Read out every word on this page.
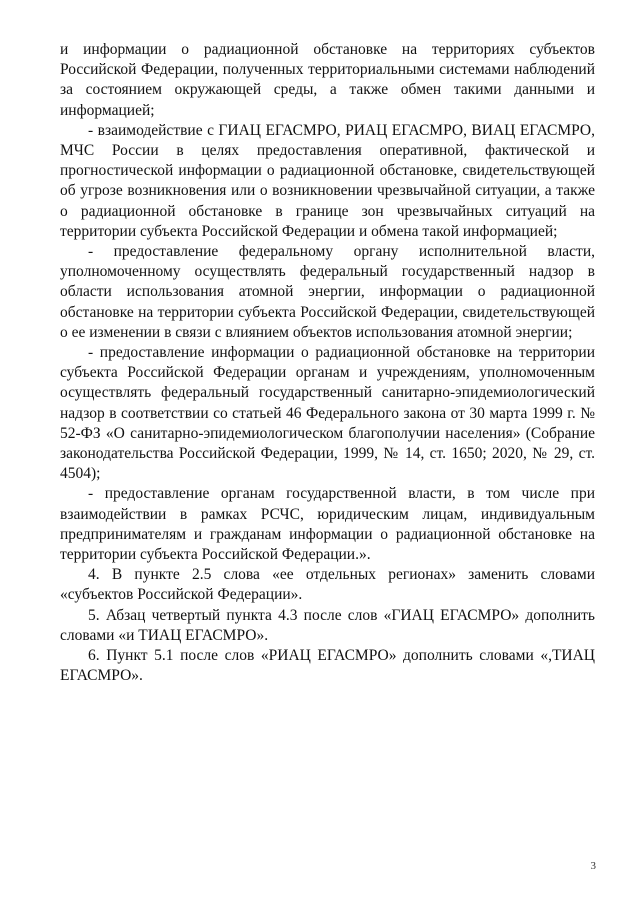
и информации о радиационной обстановке на территориях субъектов Российской Федерации, полученных территориальными системами наблюдений за состоянием окружающей среды, а также обмен такими данными и информацией;

- взаимодействие с ГИАЦ ЕГАСМРО, РИАЦ ЕГАСМРО, ВИАЦ ЕГАСМРО, МЧС России в целях предоставления оперативной, фактической и прогностической информации о радиационной обстановке, свидетельствующей об угрозе возникновения или о возникновении чрезвычайной ситуации, а также о радиационной обстановке в границе зон чрезвычайных ситуаций на территории субъекта Российской Федерации и обмена такой информацией;

- предоставление федеральному органу исполнительной власти, уполномоченному осуществлять федеральный государственный надзор в области использования атомной энергии, информации о радиационной обстановке на территории субъекта Российской Федерации, свидетельствующей о ее изменении в связи с влиянием объектов использования атомной энергии;

- предоставление информации о радиационной обстановке на территории субъекта Российской Федерации органам и учреждениям, уполномоченным осуществлять федеральный государственный санитарно-эпидемиологический надзор в соответствии со статьей 46 Федерального закона от 30 марта 1999 г. № 52-ФЗ «О санитарно-эпидемиологическом благополучии населения» (Собрание законодательства Российской Федерации, 1999, № 14, ст. 1650; 2020, № 29, ст. 4504);

- предоставление органам государственной власти, в том числе при взаимодействии в рамках РСЧС, юридическим лицам, индивидуальным предпринимателям и гражданам информации о радиационной обстановке на территории субъекта Российской Федерации.».

4. В пункте 2.5 слова «ее отдельных регионах» заменить словами «субъектов Российской Федерации».

5. Абзац четвертый пункта 4.3 после слов «ГИАЦ ЕГАСМРО» дополнить словами «и ТИАЦ ЕГАСМРО».

6. Пункт 5.1 после слов «РИАЦ ЕГАСМРО» дополнить словами «,ТИАЦ ЕГАСМРО».

3
